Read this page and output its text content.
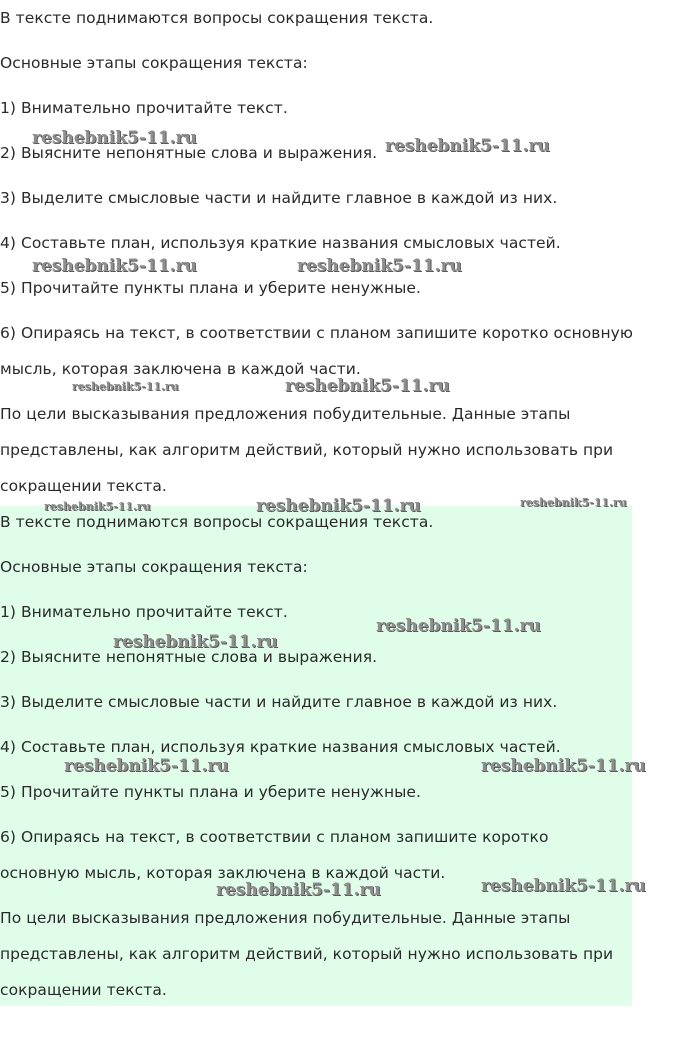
В тексте поднимаются вопросы сокращения текста.

Основные этапы сокращения текста:

1) Внимательно прочитайте текст.

2) Выясните непонятные слова и выражения.

3) Выделите смысловые части и найдите главное в каждой из них.

4) Составьте план, используя краткие названия смысловых частей.

5) Прочитайте пункты плана и уберите ненужные.

6) Опираясь на текст, в соответствии с планом запишите коротко основную

мысль, которая заключена в каждой части.

По цели высказывания предложения побудительные. Данные этапы

представлены, как алгоритм действий, который нужно использовать при

сокращении текста.

В тексте поднимаются вопросы сокращения текста.

Основные этапы сокращения текста:

1) Внимательно прочитайте текст.

2) Выясните непонятные слова и выражения.

3) Выделите смысловые части и найдите главное в каждой из них.

4) Составьте план, используя краткие названия смысловых частей.

5) Прочитайте пункты плана и уберите ненужные.

6) Опираясь на текст, в соответствии с планом запишите коротко

основную мысль, которая заключена в каждой части.

По цели высказывания предложения побудительные. Данные этапы

представлены, как алгоритм действий, который нужно использовать при

сокращении текста.

reshebnik5-11.ru	reshebnik5-11.ru
reshebnik5-11.ru	reshebnik5-11.ru
reshebnik5-11.ru	reshebnik5-11.ru
reshebnik5-11.ru	reshebnik5-11.ru	reshebnik5-11.ru
reshebnik5-11.ru
reshebnik5-11.ru
reshebnik5-11.ru	reshebnik5-11.ru
reshebnik5-11.ru	reshebnik5-11.ru
